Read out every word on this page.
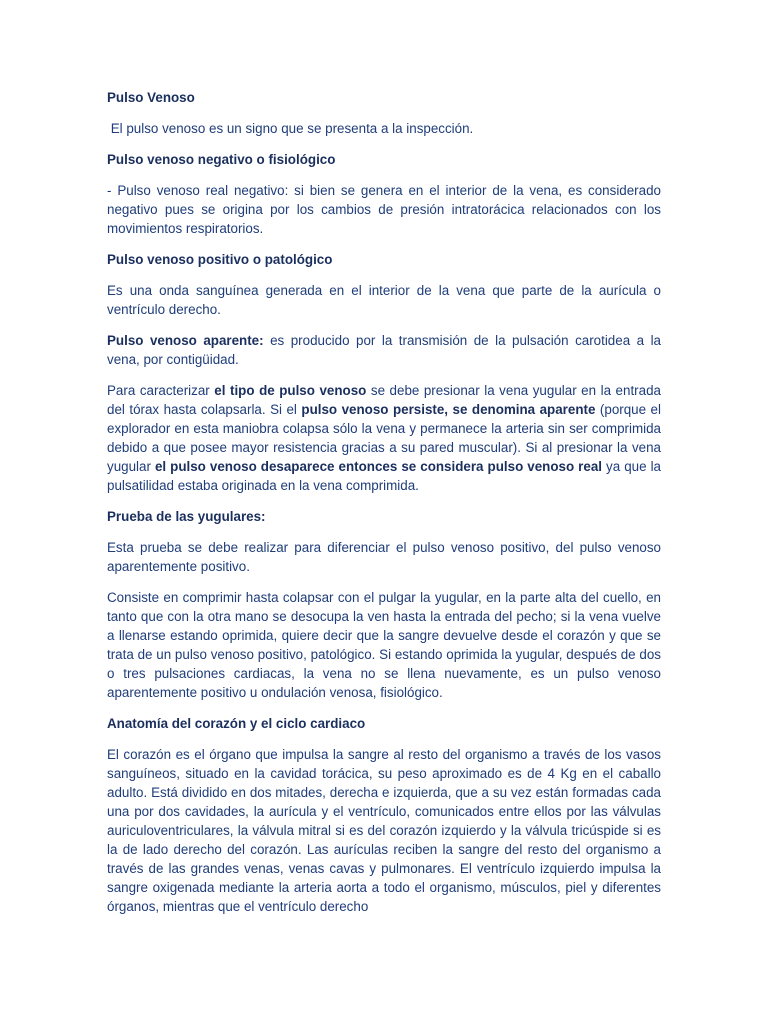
Pulso Venoso

El pulso venoso es un signo que se presenta a la inspección.

Pulso venoso negativo o fisiológico

- Pulso venoso real negativo: si bien se genera en el interior de la vena, es considerado negativo pues se origina por los cambios de presión intratorácica relacionados con los movimientos respiratorios.

Pulso venoso positivo o patológico

Es una onda sanguínea generada en el interior de la vena que parte de la aurícula o ventrículo derecho.

Pulso venoso aparente: es producido por la transmisión de la pulsación carotidea a la vena, por contigüidad.

Para caracterizar el tipo de pulso venoso se debe presionar la vena yugular en la entrada del tórax hasta colapsarla. Si el pulso venoso persiste, se denomina aparente (porque el explorador en esta maniobra colapsa sólo la vena y permanece la arteria sin ser comprimida debido a que posee mayor resistencia gracias a su pared muscular). Si al presionar la vena yugular el pulso venoso desaparece entonces se considera pulso venoso real ya que la pulsatilidad estaba originada en la vena comprimida.

Prueba de las yugulares:

Esta prueba se debe realizar para diferenciar el pulso venoso positivo, del pulso venoso aparentemente positivo.

Consiste en comprimir hasta colapsar con el pulgar la yugular, en la parte alta del cuello, en tanto que con la otra mano se desocupa la ven hasta la entrada del pecho; si la vena vuelve a llenarse estando oprimida, quiere decir que la sangre devuelve desde el corazón y que se trata de un pulso venoso positivo, patológico. Si estando oprimida la yugular, después de dos o tres pulsaciones cardiacas, la vena no se llena nuevamente, es un pulso venoso aparentemente positivo u ondulación venosa, fisiológico.

Anatomía del corazón y el ciclo cardiaco

El corazón es el órgano que impulsa la sangre al resto del organismo a través de los vasos sanguíneos, situado en la cavidad torácica, su peso aproximado es de 4 Kg en el caballo adulto. Está dividido en dos mitades, derecha e izquierda, que a su vez están formadas cada una por dos cavidades, la aurícula y el ventrículo, comunicados entre ellos por las válvulas auriculoventriculares, la válvula mitral si es del corazón izquierdo y la válvula tricúspide si es la de lado derecho del corazón. Las aurículas reciben la sangre del resto del organismo a través de las grandes venas, venas cavas y pulmonares. El ventrículo izquierdo impulsa la sangre oxigenada mediante la arteria aorta a todo el organismo, músculos, piel y diferentes órganos, mientras que el ventrículo derecho
